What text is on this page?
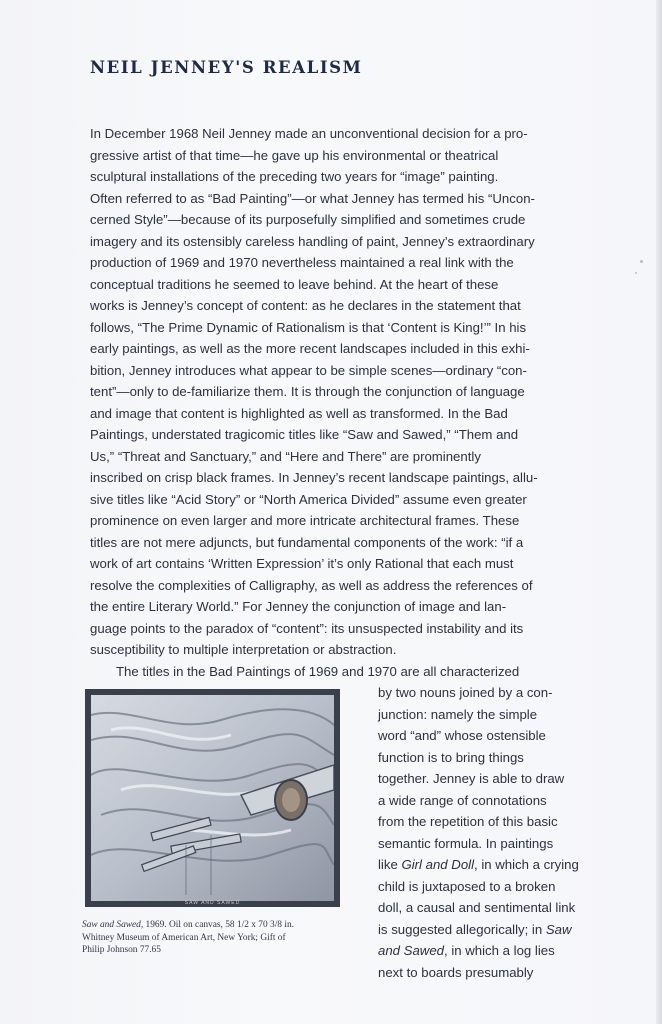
NEIL JENNEY'S REALISM
In December 1968 Neil Jenney made an unconventional decision for a pro-
gressive artist of that time—he gave up his environmental or theatrical
sculptural installations of the preceding two years for “image” painting.
Often referred to as “Bad Painting”—or what Jenney has termed his “Uncon-
cerned Style”—because of its purposefully simplified and sometimes crude
imagery and its ostensibly careless handling of paint, Jenney’s extraordinary
production of 1969 and 1970 nevertheless maintained a real link with the
conceptual traditions he seemed to leave behind. At the heart of these
works is Jenney’s concept of content: as he declares in the statement that
follows, “The Prime Dynamic of Rationalism is that ‘Content is King!’” In his
early paintings, as well as the more recent landscapes included in this exhi-
bition, Jenney introduces what appear to be simple scenes—ordinary “con-
tent”—only to de-familiarize them. It is through the conjunction of language
and image that content is highlighted as well as transformed. In the Bad
Paintings, understated tragicomic titles like “Saw and Sawed,” “Them and
Us,” “Threat and Sanctuary,” and “Here and There” are prominently
inscribed on crisp black frames. In Jenney’s recent landscape paintings, allu-
sive titles like “Acid Story” or “North America Divided” assume even greater
prominence on even larger and more intricate architectural frames. These
titles are not mere adjuncts, but fundamental components of the work: “if a
work of art contains ‘Written Expression’ it’s only Rational that each must
resolve the complexities of Calligraphy, as well as address the references of
the entire Literary World.” For Jenney the conjunction of image and lan-
guage points to the paradox of “content”: its unsuspected instability and its
susceptibility to multiple interpretation or abstraction.
The titles in the Bad Paintings of 1969 and 1970 are all characterized
by two nouns joined by a con-
junction: namely the simple
word “and” whose ostensible
function is to bring things
together. Jenney is able to draw
a wide range of connotations
from the repetition of this basic
semantic formula. In paintings
like Girl and Doll, in which a crying
child is juxtaposed to a broken
doll, a causal and sentimental link
is suggested allegorically; in Saw
and Sawed, in which a log lies
next to boards presumably
SAW AND SAWED
Saw and Sawed, 1969. Oil on canvas, 58 1/2 x 70 3/8 in.
Whitney Museum of American Art, New York; Gift of
Philip Johnson 77.65
